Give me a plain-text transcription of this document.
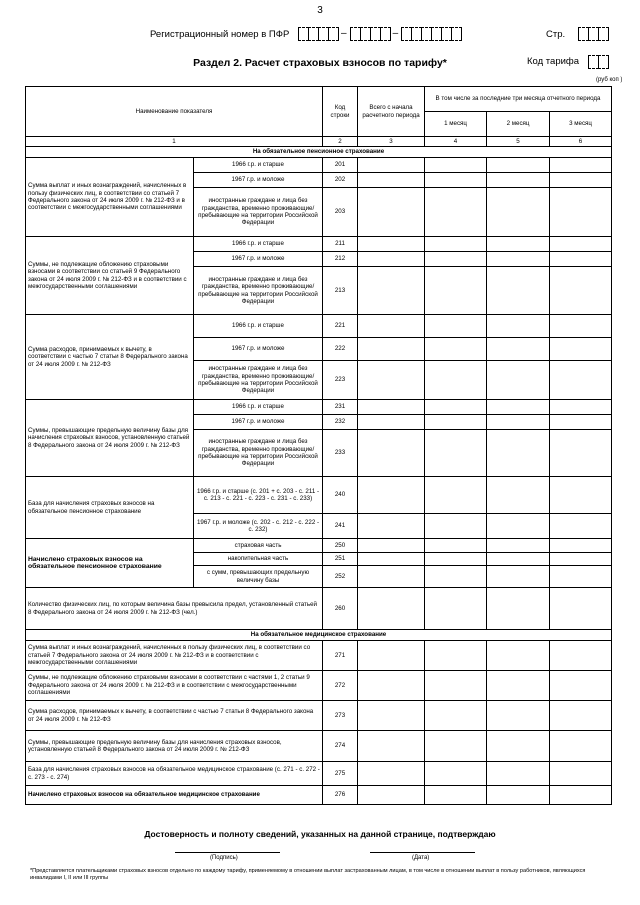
3
Регистрационный номер в ПФР	–	–	Стр.
Раздел 2. Расчет страховых взносов по тарифу*	Код тарифа
(руб коп )
Наименование показателя		Код строки	Всего с начала расчетного периода	В том числе за последние три месяца отчетного периода		
				1 месяц	2 месяц	3 месяц
1		2	3	4	5	6
На обязательное пенсионное страхование						
Сумма выплат и иных вознаграждений, начисленных в пользу физических лиц, в соответствии со статьей 7 Федерального закона от 24 июля 2009 г. № 212-ФЗ и в соответствии с межгосударственными соглашениями	1966 г.р. и старше	201				
	1967 г.р. и моложе	202				
	иностранные граждане и лица без гражданства, временно проживающие/пребывающие на территории Российской Федерации	203				
Суммы, не подлежащие обложению страховыми взносами в соответствии со статьей 9 Федерального закона от 24 июля 2009 г. № 212-ФЗ и в соответствии с межгосударственными соглашениями	1966 г.р. и старше	211				
	1967 г.р. и моложе	212				
	иностранные граждане и лица без гражданства, временно проживающие/пребывающие на территории Российской Федерации	213				
Сумма расходов, принимаемых к вычету, в соответствии с частью 7 статьи 8 Федерального закона от 24 июля 2009 г. № 212-ФЗ	1966 г.р. и старше	221				
	1967 г.р. и моложе	222				
	иностранные граждане и лица без гражданства, временно проживающие/пребывающие на территории Российской Федерации	223				
Суммы, превышающие предельную величину базы для начисления страховых взносов, установленную статьей 8 Федерального закона от 24 июля 2009 г. № 212-ФЗ	1966 г.р. и старше	231				
	1967 г.р. и моложе	232				
	иностранные граждане и лица без гражданства, временно проживающие/пребывающие на территории Российской Федерации	233				
База для начисления страховых взносов на обязательное пенсионное страхование	1966 г.р. и старше (с. 201 + с. 203 - с. 211 - с. 213 - с. 221 - с. 223 - с. 231 - с. 233)	240				
	1967 г.р. и моложе (с. 202 - с. 212 - с. 222 - с. 232)	241				
Начислено страховых взносов на обязательное пенсионное страхование	страховая часть	250				
	накопительная часть	251				
	с сумм, превышающих предельную величину базы	252				
Количество физических лиц, по которым величина базы превысила предел, установленный статьей 8 Федерального закона от 24 июля 2009 г. № 212-ФЗ (чел.)		260				
На обязательное медицинское страхование						
Сумма выплат и иных вознаграждений, начисленных в пользу физических лиц, в соответствии со статьей 7 Федерального закона от 24 июля 2009 г. № 212-ФЗ и в соответствии с межгосударственными соглашениями		271				
Суммы, не подлежащие обложению страховыми взносами в соответствии с частями 1, 2 статьи 9 Федерального закона от 24 июля 2009 г. № 212-ФЗ и в соответствии с межгосударственными соглашениями		272				
Сумма расходов, принимаемых к вычету, в соответствии с частью 7 статьи 8 Федерального закона от 24 июля 2009 г. № 212-ФЗ		273				
Суммы, превышающие предельную величину базы для начисления страховых взносов, установленную статьей 8 Федерального закона от 24 июля 2009 г. № 212-ФЗ		274				
База для начисления страховых взносов на обязательное медицинское страхование (с. 271 - с. 272 - с. 273 - с. 274)		275				
Начислено страховых взносов на обязательное медицинское страхование		276				
Достоверность и полноту сведений, указанных на данной странице, подтверждаю
(Подпись)	(Дата)
*Представляется плательщиками страховых взносов отдельно по каждому тарифу, применяемому в отношении выплат застрахованным лицам, в том числе в отношении выплат в пользу работников, являющихся инвалидами I, II или III группы
